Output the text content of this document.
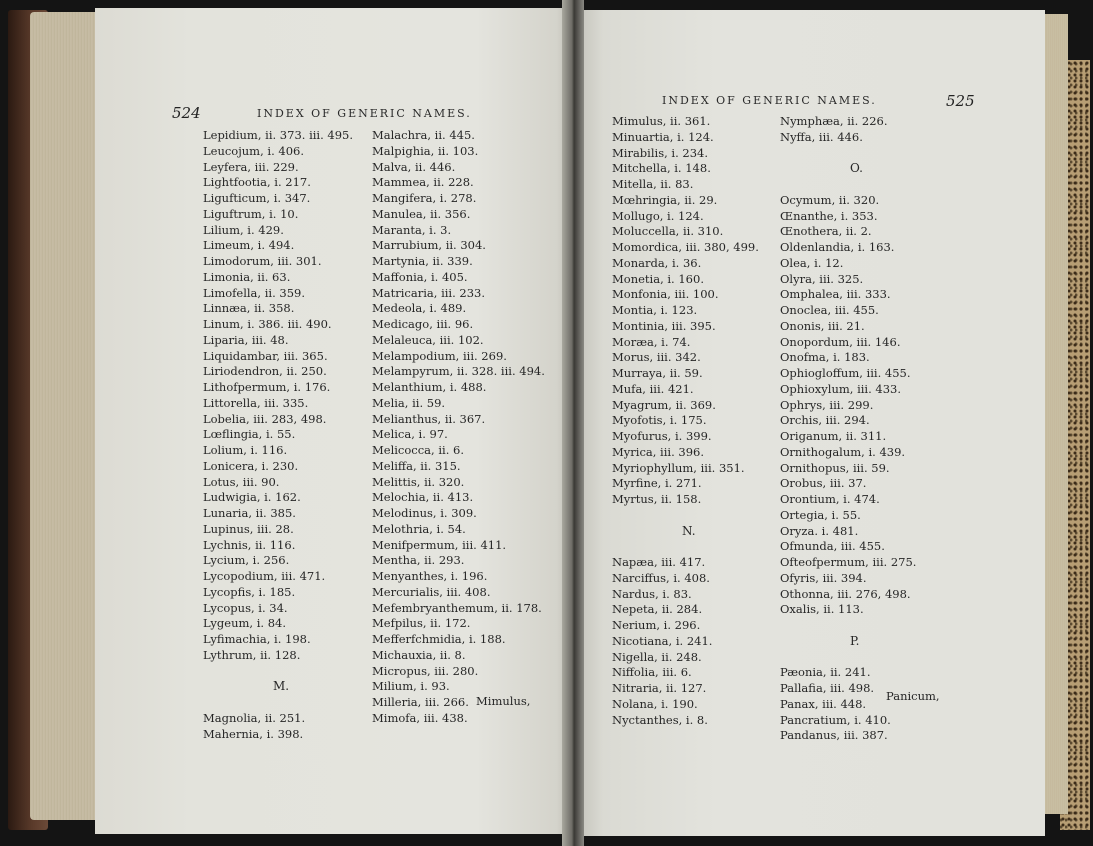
524	INDEX OF GENERIC NAMES.
Lepidium, ii. 373. iii. 495.
Leucojum, i. 406.
Leyfera, iii. 229.
Lightfootia, i. 217.
Ligufticum, i. 347.
Liguftrum, i. 10.
Lilium, i. 429.
Limeum, i. 494.
Limodorum, iii. 301.
Limonia, ii. 63.
Limofella, ii. 359.
Linnæa, ii. 358.
Linum, i. 386. iii. 490.
Liparia, iii. 48.
Liquidambar, iii. 365.
Liriodendron, ii. 250.
Lithofpermum, i. 176.
Littorella, iii. 335.
Lobelia, iii. 283, 498.
Lœflingia, i. 55.
Lolium, i. 116.
Lonicera, i. 230.
Lotus, iii. 90.
Ludwigia, i. 162.
Lunaria, ii. 385.
Lupinus, iii. 28.
Lychnis, ii. 116.
Lycium, i. 256.
Lycopodium, iii. 471.
Lycopfis, i. 185.
Lycopus, i. 34.
Lygeum, i. 84.
Lyfimachia, i. 198.
Lythrum, ii. 128.
M.
Magnolia, ii. 251.
Mahernia, i. 398.
Malachra, ii. 445.
Malpighia, ii. 103.
Malva, ii. 446.
Mammea, ii. 228.
Mangifera, i. 278.
Manulea, ii. 356.
Maranta, i. 3.
Marrubium, ii. 304.
Martynia, ii. 339.
Maffonia, i. 405.
Matricaria, iii. 233.
Medeola, i. 489.
Medicago, iii. 96.
Melaleuca, iii. 102.
Melampodium, iii. 269.
Melampyrum, ii. 328. iii. 494.
Melanthium, i. 488.
Melia, ii. 59.
Melianthus, ii. 367.
Melica, i. 97.
Melicocca, ii. 6.
Meliffa, ii. 315.
Melittis, ii. 320.
Melochia, ii. 413.
Melodinus, i. 309.
Melothria, i. 54.
Menifpermum, iii. 411.
Mentha, ii. 293.
Menyanthes, i. 196.
Mercurialis, iii. 408.
Mefembryanthemum, ii. 178.
Mefpilus, ii. 172.
Mefferfchmidia, i. 188.
Michauxia, ii. 8.
Micropus, iii. 280.
Milium, i. 93.
Milleria, iii. 266.
Mimofa, iii. 438.
Mimulus,
INDEX OF GENERIC NAMES.	525
Mimulus, ii. 361.
Minuartia, i. 124.
Mirabilis, i. 234.
Mitchella, i. 148.
Mitella, ii. 83.
Mœhringia, ii. 29.
Mollugo, i. 124.
Moluccella, ii. 310.
Momordica, iii. 380, 499.
Monarda, i. 36.
Monetia, i. 160.
Monfonia, iii. 100.
Montia, i. 123.
Montinia, iii. 395.
Moræa, i. 74.
Morus, iii. 342.
Murraya, ii. 59.
Mufa, iii. 421.
Myagrum, ii. 369.
Myofotis, i. 175.
Myofurus, i. 399.
Myrica, iii. 396.
Myriophyllum, iii. 351.
Myrfine, i. 271.
Myrtus, ii. 158.
N.
Napæa, iii. 417.
Narciffus, i. 408.
Nardus, i. 83.
Nepeta, ii. 284.
Nerium, i. 296.
Nicotiana, i. 241.
Nigella, ii. 248.
Niffolia, iii. 6.
Nitraria, ii. 127.
Nolana, i. 190.
Nyctanthes, i. 8.
Nymphæa, ii. 226.
Nyffa, iii. 446.
O.
Ocymum, ii. 320.
Œnanthe, i. 353.
Œnothera, ii. 2.
Oldenlandia, i. 163.
Olea, i. 12.
Olyra, iii. 325.
Omphalea, iii. 333.
Onoclea, iii. 455.
Ononis, iii. 21.
Onopordum, iii. 146.
Onofma, i. 183.
Ophiogloffum, iii. 455.
Ophioxylum, iii. 433.
Ophrys, iii. 299.
Orchis, iii. 294.
Origanum, ii. 311.
Ornithogalum, i. 439.
Ornithopus, iii. 59.
Orobus, iii. 37.
Orontium, i. 474.
Ortegia, i. 55.
Oryza. i. 481.
Ofmunda, iii. 455.
Ofteofpermum, iii. 275.
Ofyris, iii. 394.
Othonna, iii. 276, 498.
Oxalis, ii. 113.
P.
Pæonia, ii. 241.
Pallafia, iii. 498.
Panax, iii. 448.
Pancratium, i. 410.
Pandanus, iii. 387.
Panicum,
